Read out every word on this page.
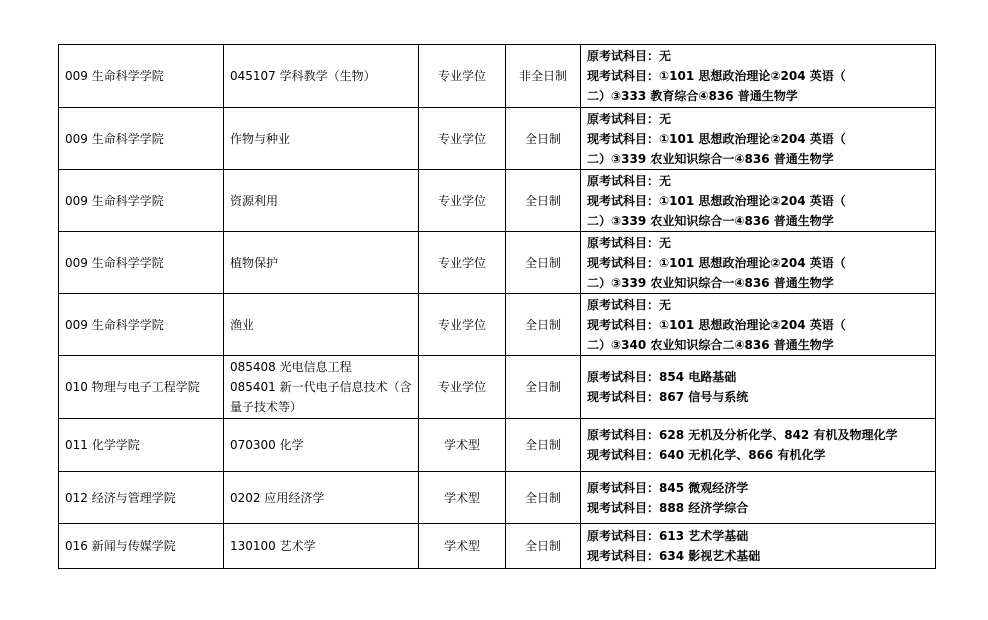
009 生命科学学院	045107 学科教学（生物）	专业学位	非全日制	原考试科目：无
现考试科目：①101 思想政治理论②204 英语（
二）③333 教育综合④836 普通生物学

009 生命科学学院	作物与种业	专业学位	全日制	原考试科目：无
现考试科目：①101 思想政治理论②204 英语（
二）③339 农业知识综合一④836 普通生物学

009 生命科学学院	资源利用	专业学位	全日制	原考试科目：无
现考试科目：①101 思想政治理论②204 英语（
二）③339 农业知识综合一④836 普通生物学

009 生命科学学院	植物保护	专业学位	全日制	原考试科目：无
现考试科目：①101 思想政治理论②204 英语（
二）③339 农业知识综合一④836 普通生物学

009 生命科学学院	渔业	专业学位	全日制	原考试科目：无
现考试科目：①101 思想政治理论②204 英语（
二）③340 农业知识综合二④836 普通生物学

010 物理与电子工程学院	085408 光电信息工程
085401 新一代电子信息技术（含
量子技术等）	专业学位	全日制	原考试科目：854 电路基础
现考试科目：867 信号与系统

011 化学学院	070300 化学	学术型	全日制	原考试科目：628 无机及分析化学、842 有机及物理化学
现考试科目：640 无机化学、866 有机化学

012 经济与管理学院	0202 应用经济学	学术型	全日制	原考试科目：845 微观经济学
现考试科目：888 经济学综合

016 新闻与传媒学院	130100 艺术学	学术型	全日制	原考试科目：613 艺术学基础
现考试科目：634 影视艺术基础
